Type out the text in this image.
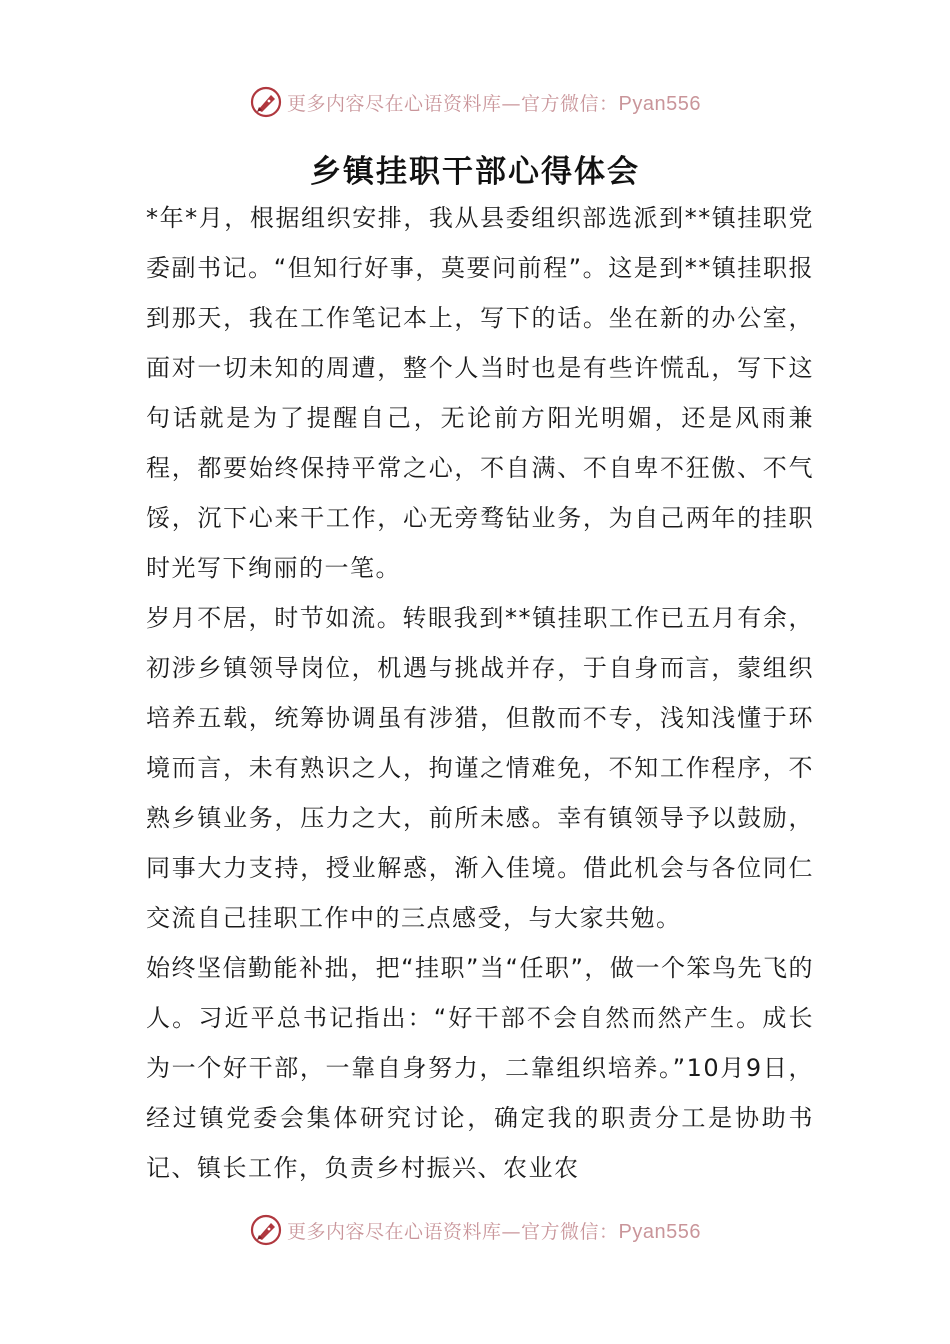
更多内容尽在心语资料库—官方微信：Pyan556
乡镇挂职干部心得体会

*年*月，根据组织安排，我从县委组织部选派到**镇挂职党委副书记。“但知行好事，莫要问前程”。这是到**镇挂职报到那天，我在工作笔记本上，写下的话。坐在新的办公室，面对一切未知的周遭，整个人当时也是有些许慌乱，写下这句话就是为了提醒自己，无论前方阳光明媚，还是风雨兼程，都要始终保持平常之心，不自满、不自卑不狂傲、不气馁，沉下心来干工作，心无旁骛钻业务，为自己两年的挂职时光写下绚丽的一笔。

岁月不居，时节如流。转眼我到**镇挂职工作已五月有余，初涉乡镇领导岗位，机遇与挑战并存，于自身而言，蒙组织培养五载，统筹协调虽有涉猎，但散而不专，浅知浅懂于环境而言，未有熟识之人，拘谨之情难免，不知工作程序，不熟乡镇业务，压力之大，前所未感。幸有镇领导予以鼓励，同事大力支持，授业解惑，渐入佳境。借此机会与各位同仁交流自己挂职工作中的三点感受，与大家共勉。

始终坚信勤能补拙，把“挂职”当“任职”，做一个笨鸟先飞的人。习近平总书记指出：“好干部不会自然而然产生。成长为一个好干部，一靠自身努力，二靠组织培养。”10月9日，经过镇党委会集体研究讨论，确定我的职责分工是协助书记、镇长工作，负责乡村振兴、农业农

更多内容尽在心语资料库—官方微信：Pyan556
